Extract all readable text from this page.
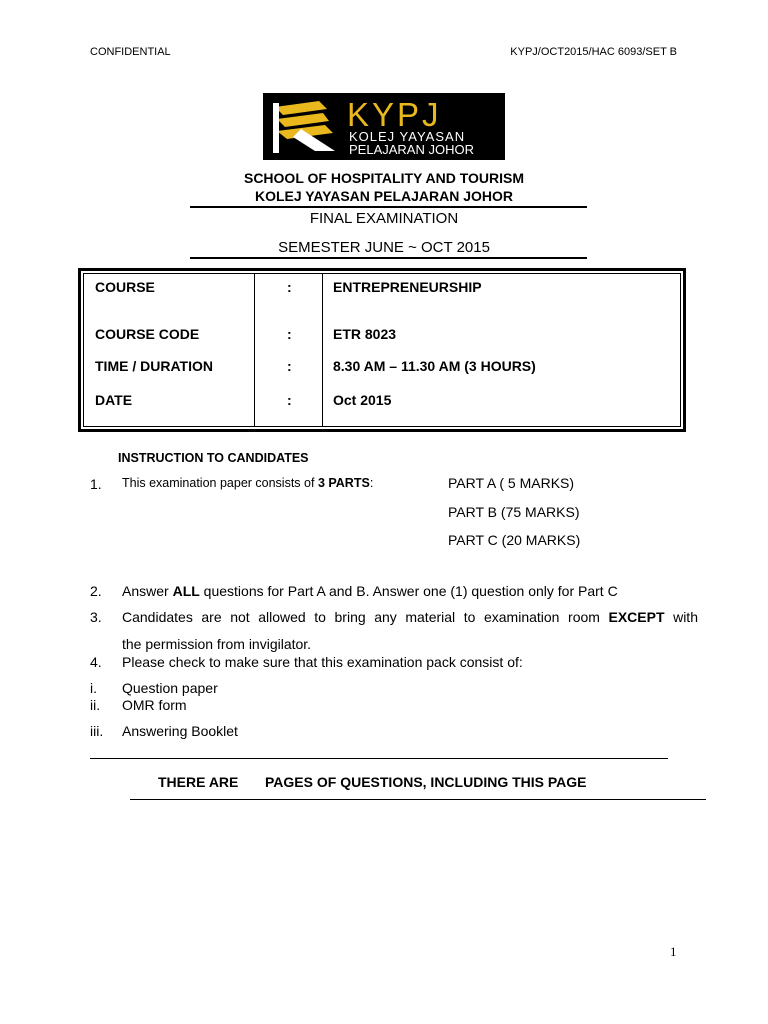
CONFIDENTIAL	KYPJ/OCT2015/HAC 6093/SET B
KYPJ
KOLEJ YAYASAN
PELAJARAN JOHOR
SCHOOL OF HOSPITALITY AND TOURISM
KOLEJ YAYASAN PELAJARAN JOHOR
FINAL EXAMINATION
SEMESTER JUNE ~ OCT 2015
COURSE	:	ENTREPRENEURSHIP
COURSE CODE	:	ETR 8023
TIME / DURATION	:	8.30 AM – 11.30 AM (3 HOURS)
DATE	:	Oct 2015
INSTRUCTION TO CANDIDATES
1. This examination paper consists of 3 PARTS:	PART A ( 5 MARKS)
PART B (75 MARKS)
PART C (20 MARKS)
2. Answer ALL questions for Part A and B. Answer one (1) question only for Part C
3. Candidates are not allowed to bring any material to examination room EXCEPT with
the permission from invigilator.
4. Please check to make sure that this examination pack consist of:
i. Question paper
ii. OMR form
iii. Answering Booklet
THERE ARE PAGES OF QUESTIONS, INCLUDING THIS PAGE
1
